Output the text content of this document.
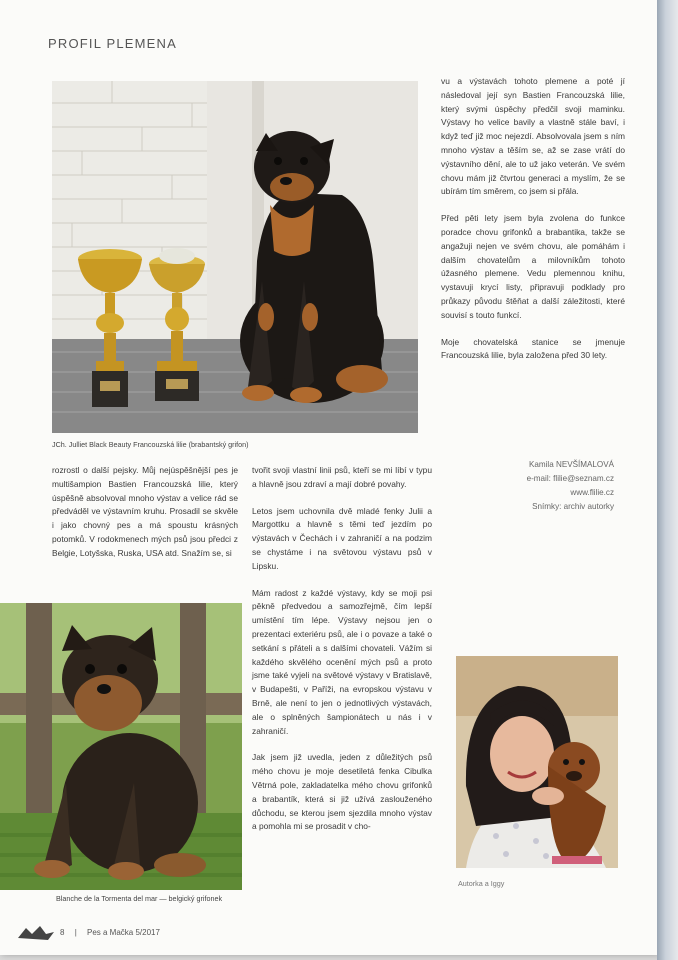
PROFIL PLEMENA
JCh. Julliet Black Beauty Francouzská lilie (brabantský grifon)

vu a výstavách tohoto plemene a poté jí následoval její syn Bastien Francouzská lilie, který svými úspěchy předčil svoji maminku. Výstavy ho velice bavily a vlastně stále baví, i když teď již moc nejezdí. Absolvovala jsem s ním mnoho výstav a těším se, až se zase vrátí do výstavního dění, ale to už jako veterán. Ve svém chovu mám již čtvrtou generaci a myslím, že se ubírám tím směrem, co jsem si přála.

Před pěti lety jsem byla zvolena do funkce poradce chovu grifonků a brabantika, takže se angažuji nejen ve svém chovu, ale pomáhám i dalším chovatelům a milovníkům tohoto úžasného plemene. Vedu plemennou knihu, vystavuji krycí listy, připravuji podklady pro průkazy původu štěňat a další záležitosti, které souvisí s touto funkcí.

Moje chovatelská stanice se jmenuje Francouzská lilie, byla založena před 30 lety.

Kamila NEVŠÍMALOVÁ
e-mail: flilie@seznam.cz
www.flilie.cz
Snímky: archiv autorky

rozrostl o další pejsky. Můj nejúspěšnější pes je multišampion Bastien Francouzská lilie, který úspěšně absolvoval mnoho výstav a velice rád se předváděl ve výstavním kruhu. Prosadil se skvěle i jako chovný pes a má spoustu krásných potomků. V rodokmenech mých psů jsou předci z Belgie, Lotyšska, Ruska, USA atd. Snažím se, si

tvořit svoji vlastní linii psů, kteří se mi líbí v typu a hlavně jsou zdraví a mají dobré povahy.

Letos jsem uchovnila dvě mladé fenky Julii a Margottku a hlavně s těmi teď jezdím po výstavách v Čechách i v zahraničí a na podzim se chystáme i na světovou výstavu psů v Lipsku.

Mám radost z každé výstavy, kdy se moji psi pěkně předvedou a samozřejmě, čím lepší umístění tím lépe. Výstavy nejsou jen o prezentaci exteriéru psů, ale i o povaze a také o setkání s přáteli a s dalšími chovateli. Vážím si každého skvělého ocenění mých psů a proto jsme také vyjeli na světové výstavy v Bratislavě, v Budapešti, v Paříži, na evropskou výstavu v Brně, ale není to jen o jednotlivých výstavách, ale o splněných šampionátech u nás i v zahraničí.

Jak jsem již uvedla, jeden z důležitých psů mého chovu je moje desetiletá fenka Cibulka Větrná pole, zakladatelka mého chovu grifonků a brabantík, která si již užívá zaslouženého důchodu, se kterou jsem sjezdila mnoho výstav a pomohla mi se prosadit v cho-

Blanche de la Tormenta del mar — belgický grifonek
Autorka a Iggy
8 | Pes a Mačka 5/2017
